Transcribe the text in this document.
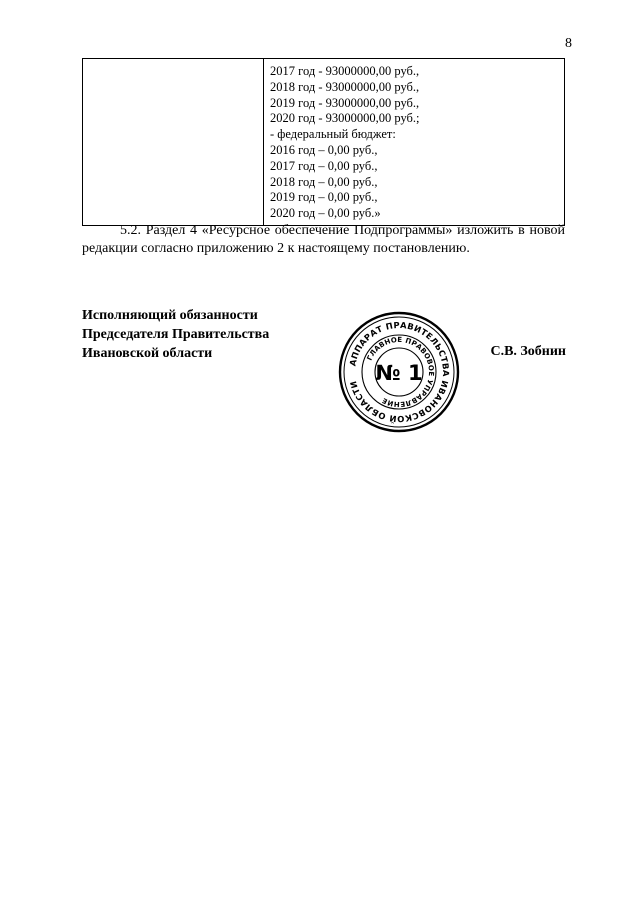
8

2017 год - 93000000,00 руб.,
2018 год - 93000000,00 руб.,
2019 год - 93000000,00 руб.,
2020 год - 93000000,00 руб.;
- федеральный бюджет:
2016 год – 0,00 руб.,
2017 год – 0,00 руб.,
2018 год – 0,00 руб.,
2019 год – 0,00 руб.,
2020 год – 0,00 руб.»

5.2. Раздел 4 «Ресурсное обеспечение Подпрограммы» изложить в новой редакции согласно приложению 2 к настоящему постановлению.

Исполняющий обязанности
Председателя Правительства
Ивановской области
АППАРАТ ПРАВИТЕЛЬСТВА ИВАНОВСКОЙ ОБЛАСТИ
ГЛАВНОЕ ПРАВОВОЕ УПРАВЛЕНИЕ
№ 1
С.В. Зобнин
